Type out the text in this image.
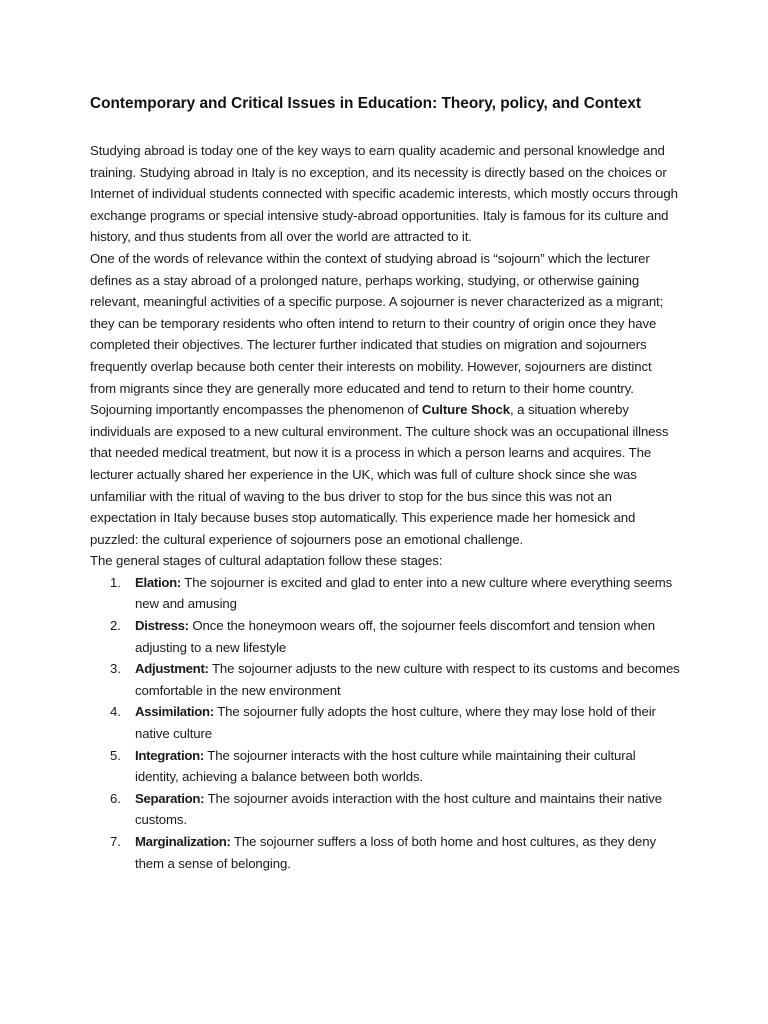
Contemporary and Critical Issues in Education: Theory, policy, and Context

Studying abroad is today one of the key ways to earn quality academic and personal knowledge and training. Studying abroad in Italy is no exception, and its necessity is directly based on the choices or Internet of individual students connected with specific academic interests, which mostly occurs through exchange programs or special intensive study-abroad opportunities. Italy is famous for its culture and history, and thus students from all over the world are attracted to it.

One of the words of relevance within the context of studying abroad is “sojourn” which the lecturer defines as a stay abroad of a prolonged nature, perhaps working, studying, or otherwise gaining relevant, meaningful activities of a specific purpose. A sojourner is never characterized as a migrant; they can be temporary residents who often intend to return to their country of origin once they have completed their objectives. The lecturer further indicated that studies on migration and sojourners frequently overlap because both center their interests on mobility. However, sojourners are distinct from migrants since they are generally more educated and tend to return to their home country.

Sojourning importantly encompasses the phenomenon of Culture Shock, a situation whereby individuals are exposed to a new cultural environment. The culture shock was an occupational illness that needed medical treatment, but now it is a process in which a person learns and acquires. The lecturer actually shared her experience in the UK, which was full of culture shock since she was unfamiliar with the ritual of waving to the bus driver to stop for the bus since this was not an expectation in Italy because buses stop automatically. This experience made her homesick and puzzled: the cultural experience of sojourners pose an emotional challenge.

The general stages of cultural adaptation follow these stages:

1.	Elation: The sojourner is excited and glad to enter into a new culture where everything seems new and amusing
2.	Distress: Once the honeymoon wears off, the sojourner feels discomfort and tension when adjusting to a new lifestyle
3.	Adjustment: The sojourner adjusts to the new culture with respect to its customs and becomes comfortable in the new environment
4.	Assimilation: The sojourner fully adopts the host culture, where they may lose hold of their native culture
5.	Integration: The sojourner interacts with the host culture while maintaining their cultural identity, achieving a balance between both worlds.
6.	Separation: The sojourner avoids interaction with the host culture and maintains their native customs.
7.	Marginalization: The sojourner suffers a loss of both home and host cultures, as they deny them a sense of belonging.
